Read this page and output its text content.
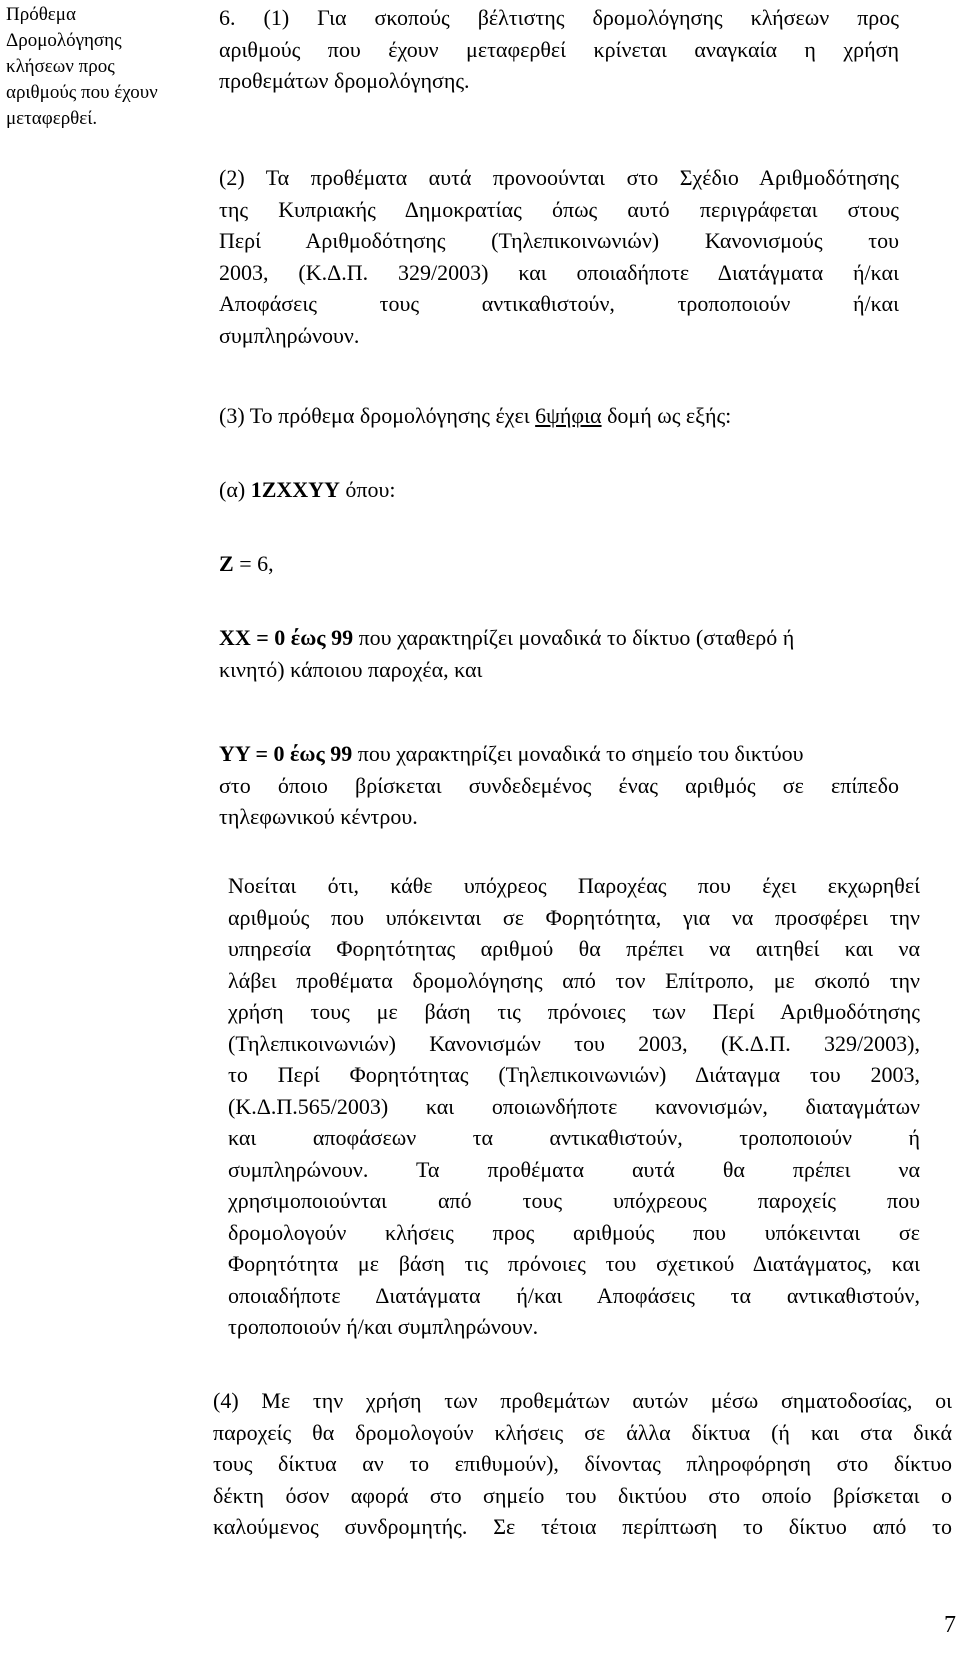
Πρόθεμα
Δρομολόγησης
κλήσεων προς
αριθμούς που έχουν
μεταφερθεί.
6. (1) Για σκοπούς βέλτιστης δρομολόγησης κλήσεων προς
αριθμούς που έχουν μεταφερθεί κρίνεται αναγκαία η χρήση
προθεμάτων δρομολόγησης.
(2) Τα προθέματα αυτά προνοούνται στο Σχέδιο Αριθμοδότησης
της Κυπριακής Δημοκρατίας όπως αυτό περιγράφεται στους
Περί Αριθμοδότησης (Τηλεπικοινωνιών) Κανονισμούς του
2003, (Κ.Δ.Π. 329/2003) και οποιαδήποτε Διατάγματα ή/και
Αποφάσεις τους αντικαθιστούν, τροποποιούν ή/και
συμπληρώνουν.
(3) Το πρόθεμα δρομολόγησης έχει 6ψήφια δομή ως εξής:
(α) 1ZXXYY όπου:
Z = 6,
XX = 0 έως 99 που χαρακτηρίζει μοναδικά το δίκτυο (σταθερό ή
κινητό) κάποιου παροχέα, και
YY = 0 έως 99 που χαρακτηρίζει μοναδικά το σημείο του δικτύου
στο όποιο βρίσκεται συνδεδεμένος ένας αριθμός σε επίπεδο
τηλεφωνικού κέντρου.
Νοείται ότι, κάθε υπόχρεος Παροχέας που έχει εκχωρηθεί
αριθμούς που υπόκεινται σε Φορητότητα, για να προσφέρει την
υπηρεσία Φορητότητας αριθμού θα πρέπει να αιτηθεί και να
λάβει προθέματα δρομολόγησης από τον Επίτροπο, με σκοπό την
χρήση τους με βάση τις πρόνοιες των Περί Αριθμοδότησης
(Τηλεπικοινωνιών) Κανονισμών του 2003, (Κ.Δ.Π. 329/2003),
το Περί Φορητότητας (Τηλεπικοινωνιών) Διάταγμα του 2003,
(Κ.Δ.Π.565/2003) και οποιωνδήποτε κανονισμών, διαταγμάτων
και αποφάσεων τα αντικαθιστούν, τροποποιούν ή
συμπληρώνουν. Τα προθέματα αυτά θα πρέπει να
χρησιμοποιούνται από τους υπόχρεους παροχείς που
δρομολογούν κλήσεις προς αριθμούς που υπόκεινται σε
Φορητότητα με βάση τις πρόνοιες του σχετικού Διατάγματος, και
οποιαδήποτε Διατάγματα ή/και Αποφάσεις τα αντικαθιστούν,
τροποποιούν ή/και συμπληρώνουν.
(4) Με την χρήση των προθεμάτων αυτών μέσω σηματοδοσίας, οι
παροχείς θα δρομολογούν κλήσεις σε άλλα δίκτυα (ή και στα δικά
τους δίκτυα αν το επιθυμούν), δίνοντας πληροφόρηση στο δίκτυο
δέκτη όσον αφορά στο σημείο του δικτύου στο οποίο βρίσκεται ο
καλούμενος συνδρομητής. Σε τέτοια περίπτωση το δίκτυο από το
7
